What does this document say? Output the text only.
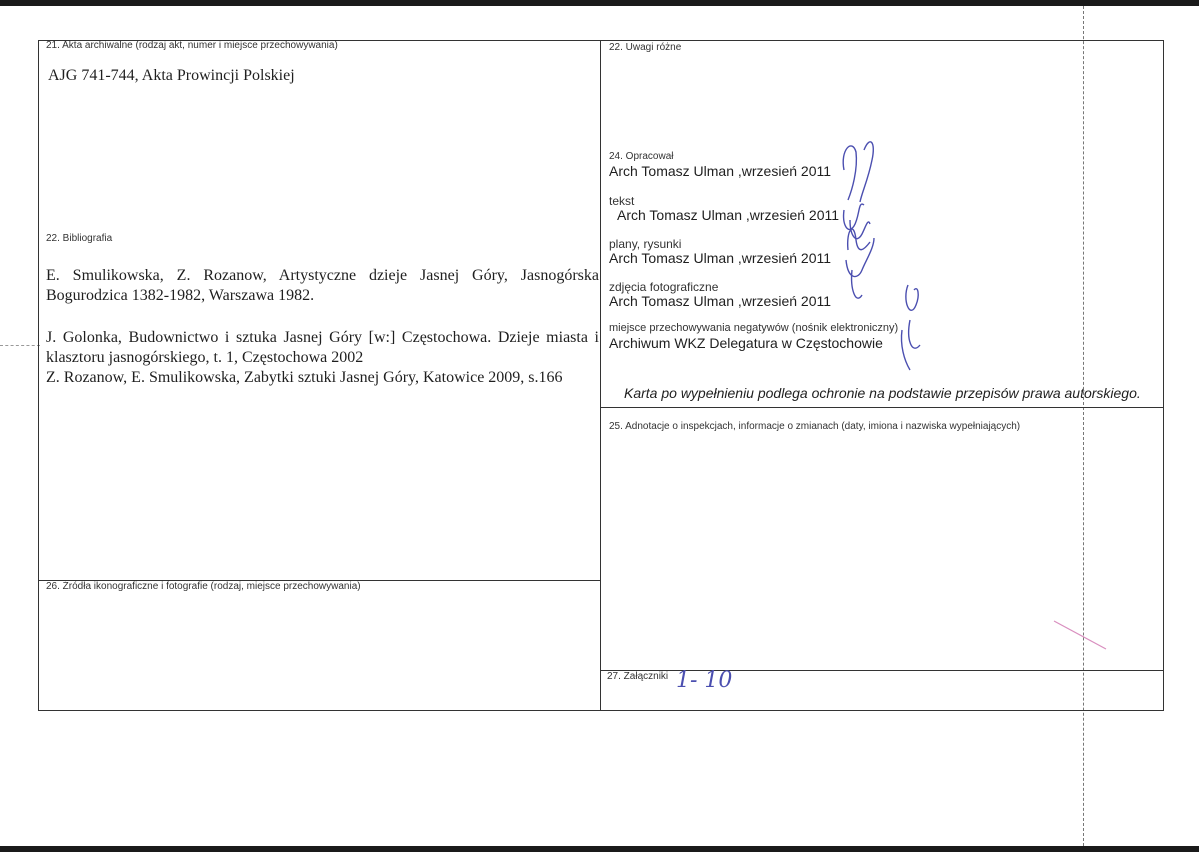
21. Akta archiwalne (rodzaj akt, numer i miejsce przechowywania)
AJG 741-744, Akta Prowincji Polskiej
22. Uwagi różne
22. Bibliografia
E. Smulikowska, Z. Rozanow, Artystyczne dzieje Jasnej Góry, Jasnogórska Bogurodzica 1382-1982, Warszawa 1982.
J. Golonka, Budownictwo i sztuka Jasnej Góry [w:] Częstochowa. Dzieje miasta i klasztoru jasnogórskiego, t. 1, Częstochowa 2002
Z. Rozanow, E. Smulikowska, Zabytki sztuki Jasnej Góry, Katowice 2009, s.166
24. Opracował
Arch Tomasz Ulman ,wrzesień 2011
tekst
Arch Tomasz Ulman ,wrzesień 2011
plany, rysunki
Arch Tomasz Ulman ,wrzesień 2011
zdjęcia fotograficzne
Arch Tomasz Ulman ,wrzesień 2011
miejsce przechowywania negatywów (nośnik elektroniczny)
Archiwum WKZ Delegatura w Częstochowie
Karta po wypełnieniu podlega ochronie na podstawie przepisów prawa autorskiego.
25. Adnotacje o inspekcjach, informacje o zmianach (daty, imiona i nazwiska wypełniających)
26. Źródła ikonograficzne i fotografie (rodzaj, miejsce przechowywania)
27. Załączniki 1- 10
